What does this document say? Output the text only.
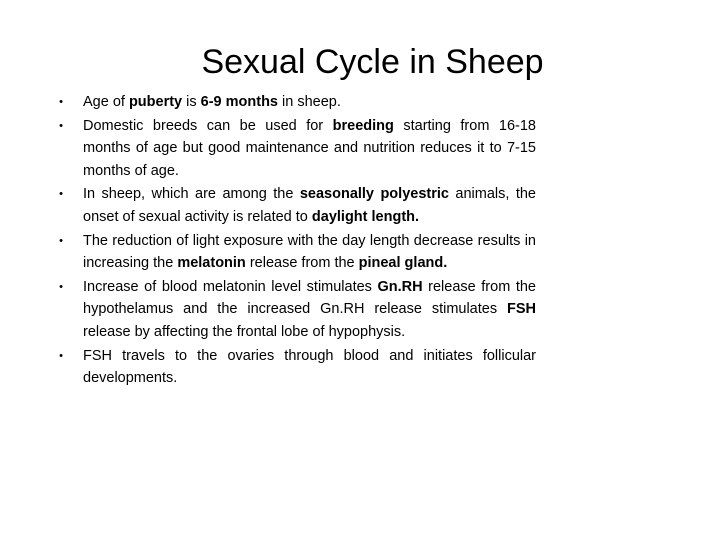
Sexual Cycle in Sheep
• Age of puberty is 6-9 months in sheep.
• Domestic breeds can be used for breeding starting from 16-18 months of age but good maintenance and nutrition reduces it to 7-15 months of age.
• In sheep, which are among the seasonally polyestric animals, the onset of sexual activity is related to daylight length.
• The reduction of light exposure with the day length decrease results in increasing the melatonin release from the pineal gland.
• Increase of blood melatonin level stimulates Gn.RH release from the hypothelamus and the increased Gn.RH release stimulates FSH release by affecting the frontal lobe of hypophysis.
• FSH travels to the ovaries through blood and initiates follicular developments.
